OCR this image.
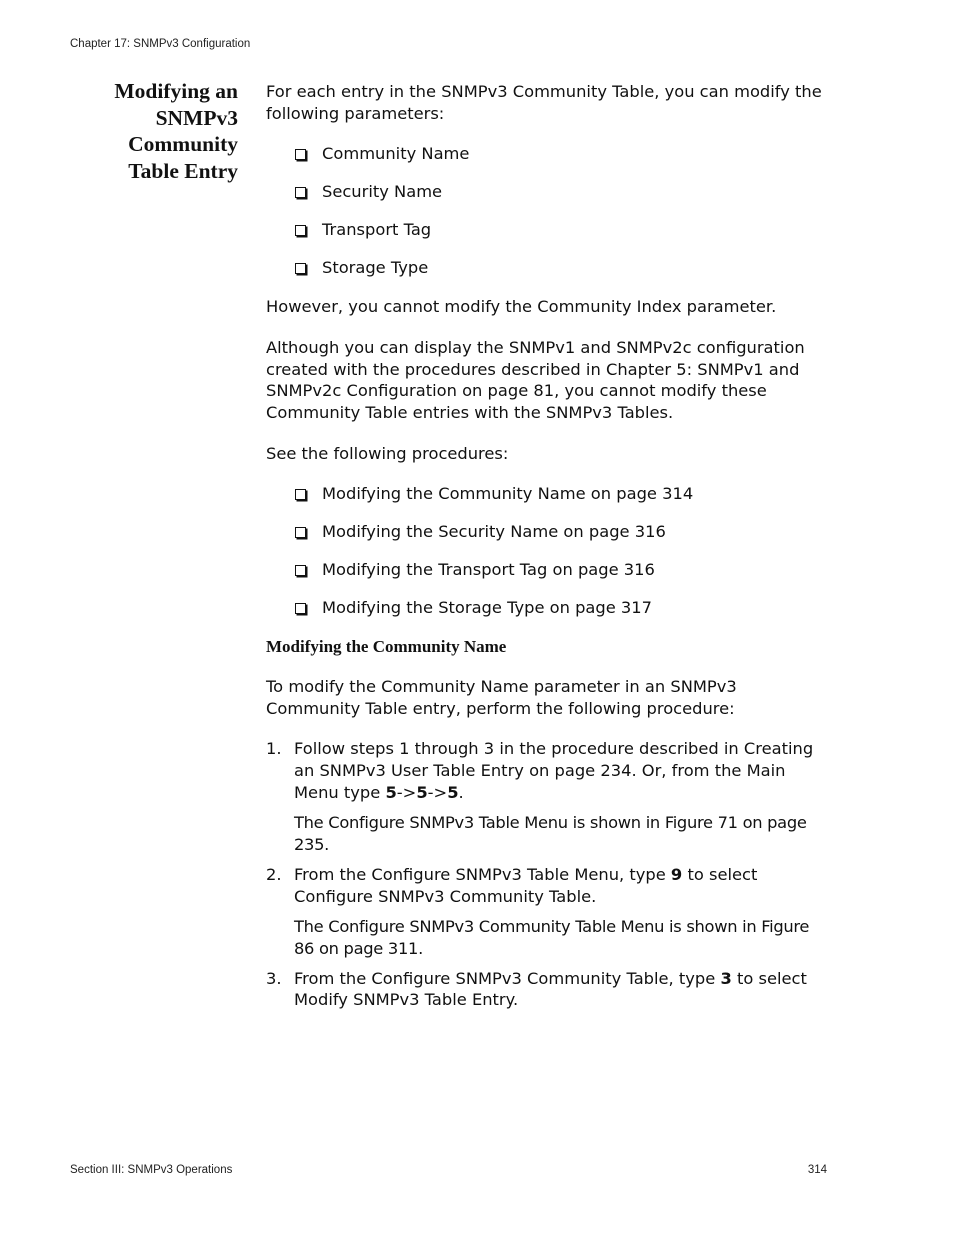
Chapter 17: SNMPv3 Configuration
Modifying an
SNMPv3
Community
Table Entry

For each entry in the SNMPv3 Community Table, you can modify the following parameters:

Community Name
Security Name
Transport Tag
Storage Type

However, you cannot modify the Community Index parameter.

Although you can display the SNMPv1 and SNMPv2c configuration created with the procedures described in Chapter 5: SNMPv1 and SNMPv2c Configuration on page 81, you cannot modify these Community Table entries with the SNMPv3 Tables.

See the following procedures:

Modifying the Community Name on page 314
Modifying the Security Name on page 316
Modifying the Transport Tag on page 316
Modifying the Storage Type on page 317

Modifying the Community Name

To modify the Community Name parameter in an SNMPv3 Community Table entry, perform the following procedure:

1. Follow steps 1 through 3 in the procedure described in Creating an SNMPv3 User Table Entry on page 234. Or, from the Main Menu type 5->5->5.

The Configure SNMPv3 Table Menu is shown in Figure 71 on page 235.

2. From the Configure SNMPv3 Table Menu, type 9 to select Configure SNMPv3 Community Table.

The Configure SNMPv3 Community Table Menu is shown in Figure 86 on page 311.

3. From the Configure SNMPv3 Community Table, type 3 to select Modify SNMPv3 Table Entry.

Section III: SNMPv3 Operations	314
